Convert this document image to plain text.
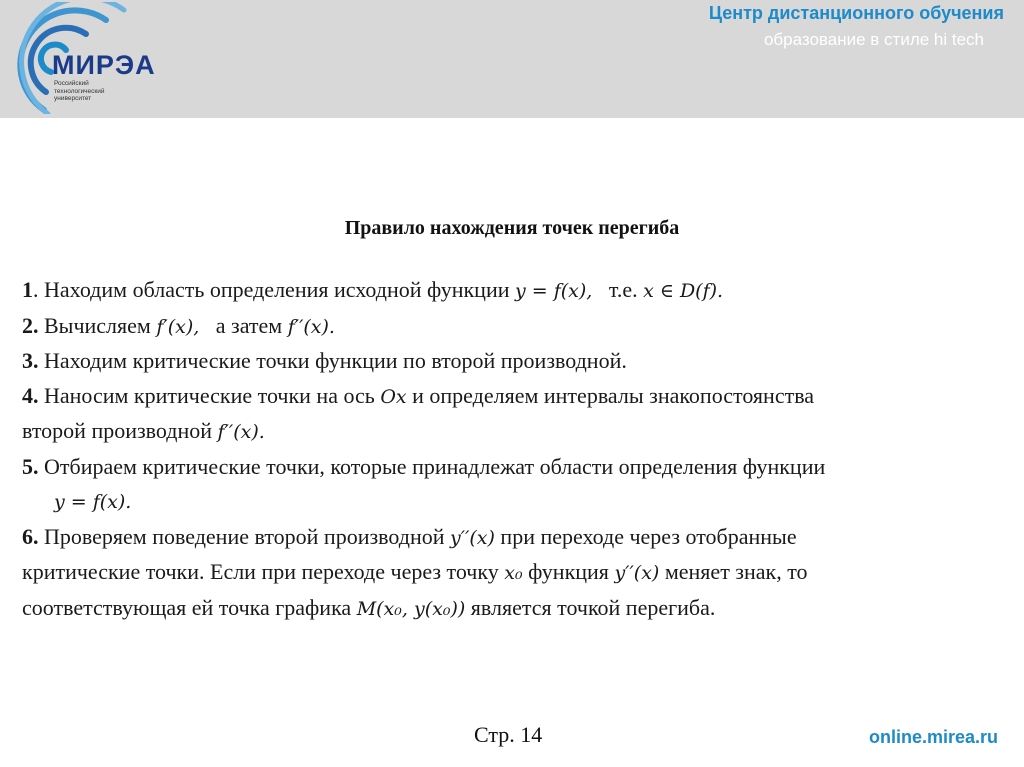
МИРЭА
Российский технологический университет
Центр дистанционного обучения
образование в стиле hi tech
Правило нахождения точек перегиба

1. Находим область определения исходной функции y = f(x), т.е. x ∈ D(f).

2. Вычисляем f′(x), а затем f′′(x).

3. Находим критические точки функции по второй производной.

4. Наносим критические точки на ось Ox и определяем интервалы знакопостоянства
второй производной f′′(x).

5. Отбираем критические точки, которые принадлежат области определения функции
y = f(x).

6. Проверяем поведение второй производной y′′(x) при переходе через отобранные
критические точки. Если при переходе через точку x₀ функция y′′(x) меняет знак, то
соответствующая ей точка графика M(x₀, y(x₀)) является точкой перегиба.

Стр. 14	online.mirea.ru
